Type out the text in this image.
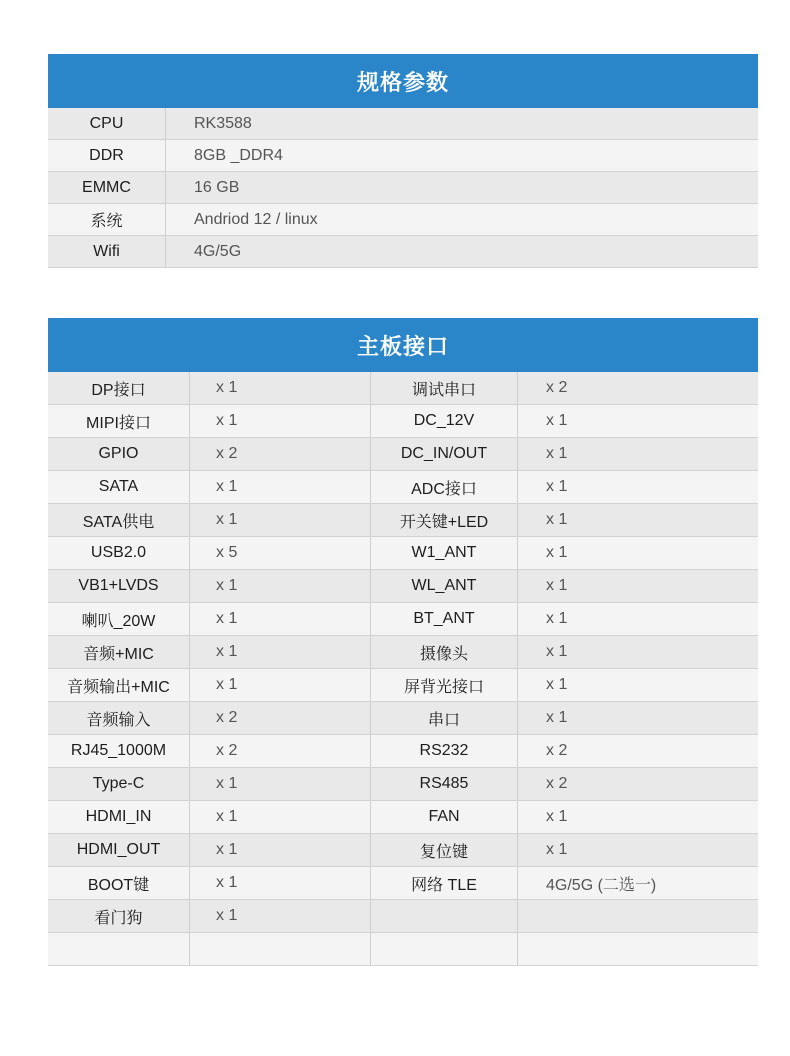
规格参数
CPU	RK3588
DDR	8GB _DDR4
EMMC	16 GB
系统	Andriod 12 / linux
Wifi	4G/5G
主板接口
DP接口	x 1	调试串口	x 2
MIPI接口	x 1	DC_12V	x 1
GPIO	x 2	DC_IN/OUT	x 1
SATA	x 1	ADC接口	x 1
SATA供电	x 1	开关键+LED	x 1
USB2.0	x 5	W1_ANT	x 1
VB1+LVDS	x 1	WL_ANT	x 1
喇叭_20W	x 1	BT_ANT	x 1
音频+MIC	x 1	摄像头	x 1
音频输出+MIC	x 1	屏背光接口	x 1
音频输入	x 2	串口	x 1
RJ45_1000M	x 2	RS232	x 2
Type-C	x 1	RS485	x 2
HDMI_IN	x 1	FAN	x 1
HDMI_OUT	x 1	复位键	x 1
BOOT键	x 1	网络 TLE	4G/5G (二选一)
看门狗	x 1
